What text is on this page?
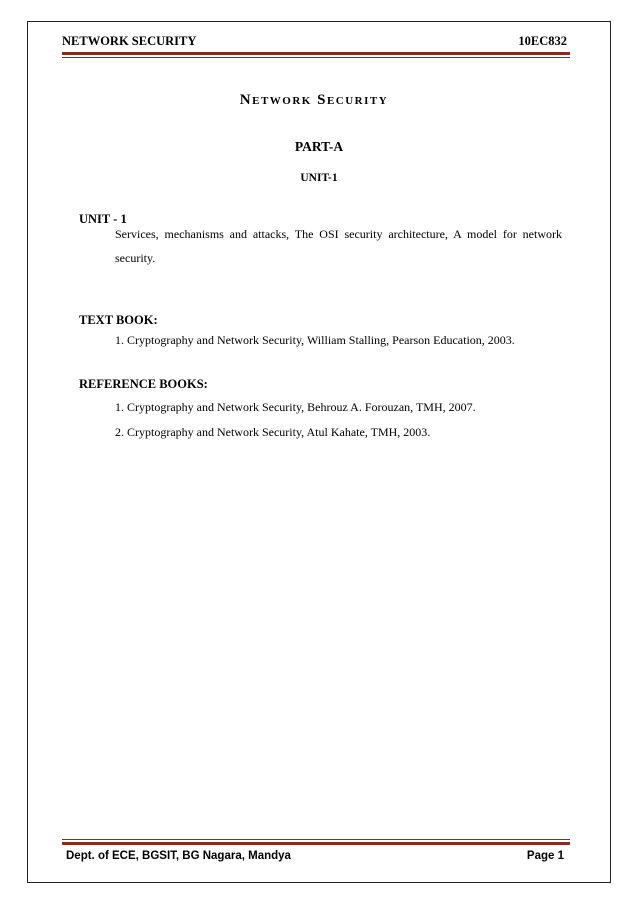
NETWORK SECURITY	10EC832
Network Security
PART-A
UNIT-1
UNIT - 1
Services, mechanisms and attacks, The OSI security architecture, A model for network security.
TEXT BOOK:
1. Cryptography and Network Security, William Stalling, Pearson Education, 2003.
REFERENCE BOOKS:
1. Cryptography and Network Security, Behrouz A. Forouzan, TMH, 2007.
2. Cryptography and Network Security, Atul Kahate, TMH, 2003.
Dept. of ECE, BGSIT, BG Nagara, Mandya	Page 1
